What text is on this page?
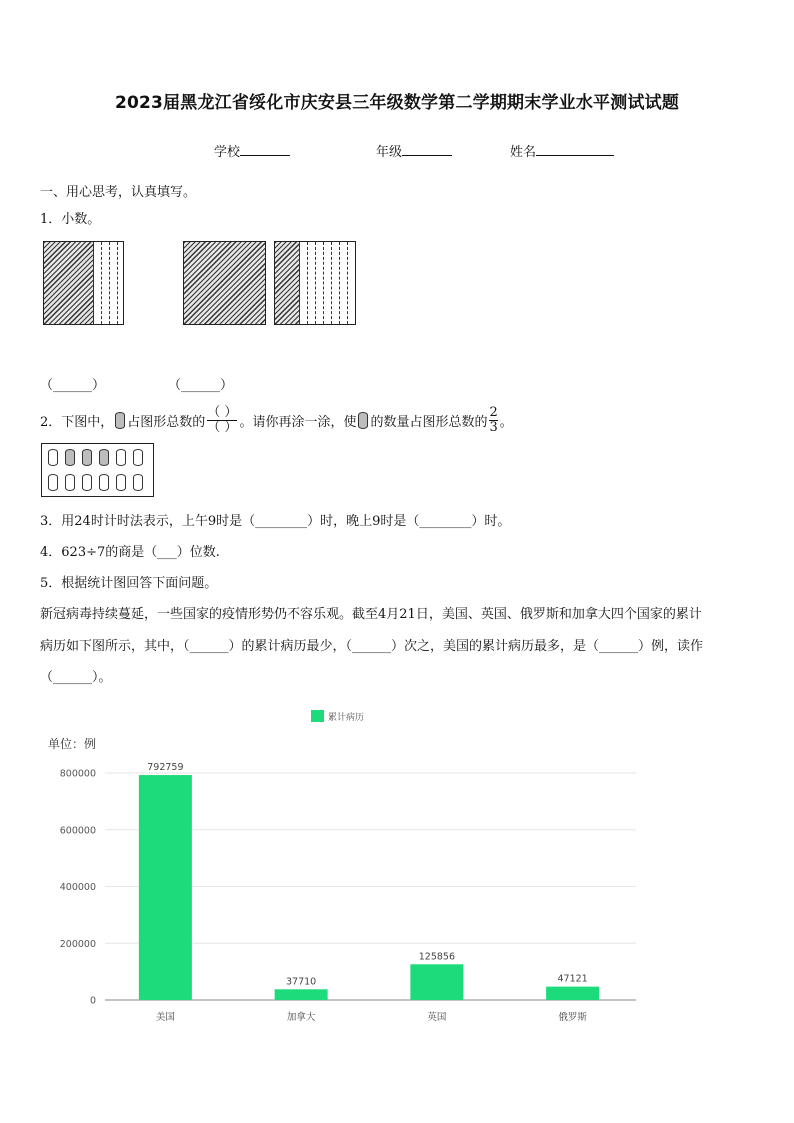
2023届黑龙江省绥化市庆安县三年级数学第二学期期末学业水平测试试题
学校	年级	姓名
一、用心思考，认真填写。
1．小数。
（______）	（______）
2．下图中， 占图形总数的 $\frac{( )}{( )}$ 。请你再涂一涂，使 的数量占图形总数的 $\frac{2}{3}$ 。
3．用24时计时法表示，上午9时是（________）时，晚上9时是（________）时。
4．623÷7的商是（___）位数.
5．根据统计图回答下面问题。
新冠病毒持续蔓延，一些国家的疫情形势仍不容乐观。截至4月21日，美国、英国、俄罗斯和加拿大四个国家的累计
病历如下图所示，其中，（______）的累计病历最少，（______）次之，美国的累计病历最多，是（______）例，读作
（______）。
累计病历
单位：例
0
200000
400000
600000
800000
792759
美国
37710
加拿大
125856
英国
47121
俄罗斯
